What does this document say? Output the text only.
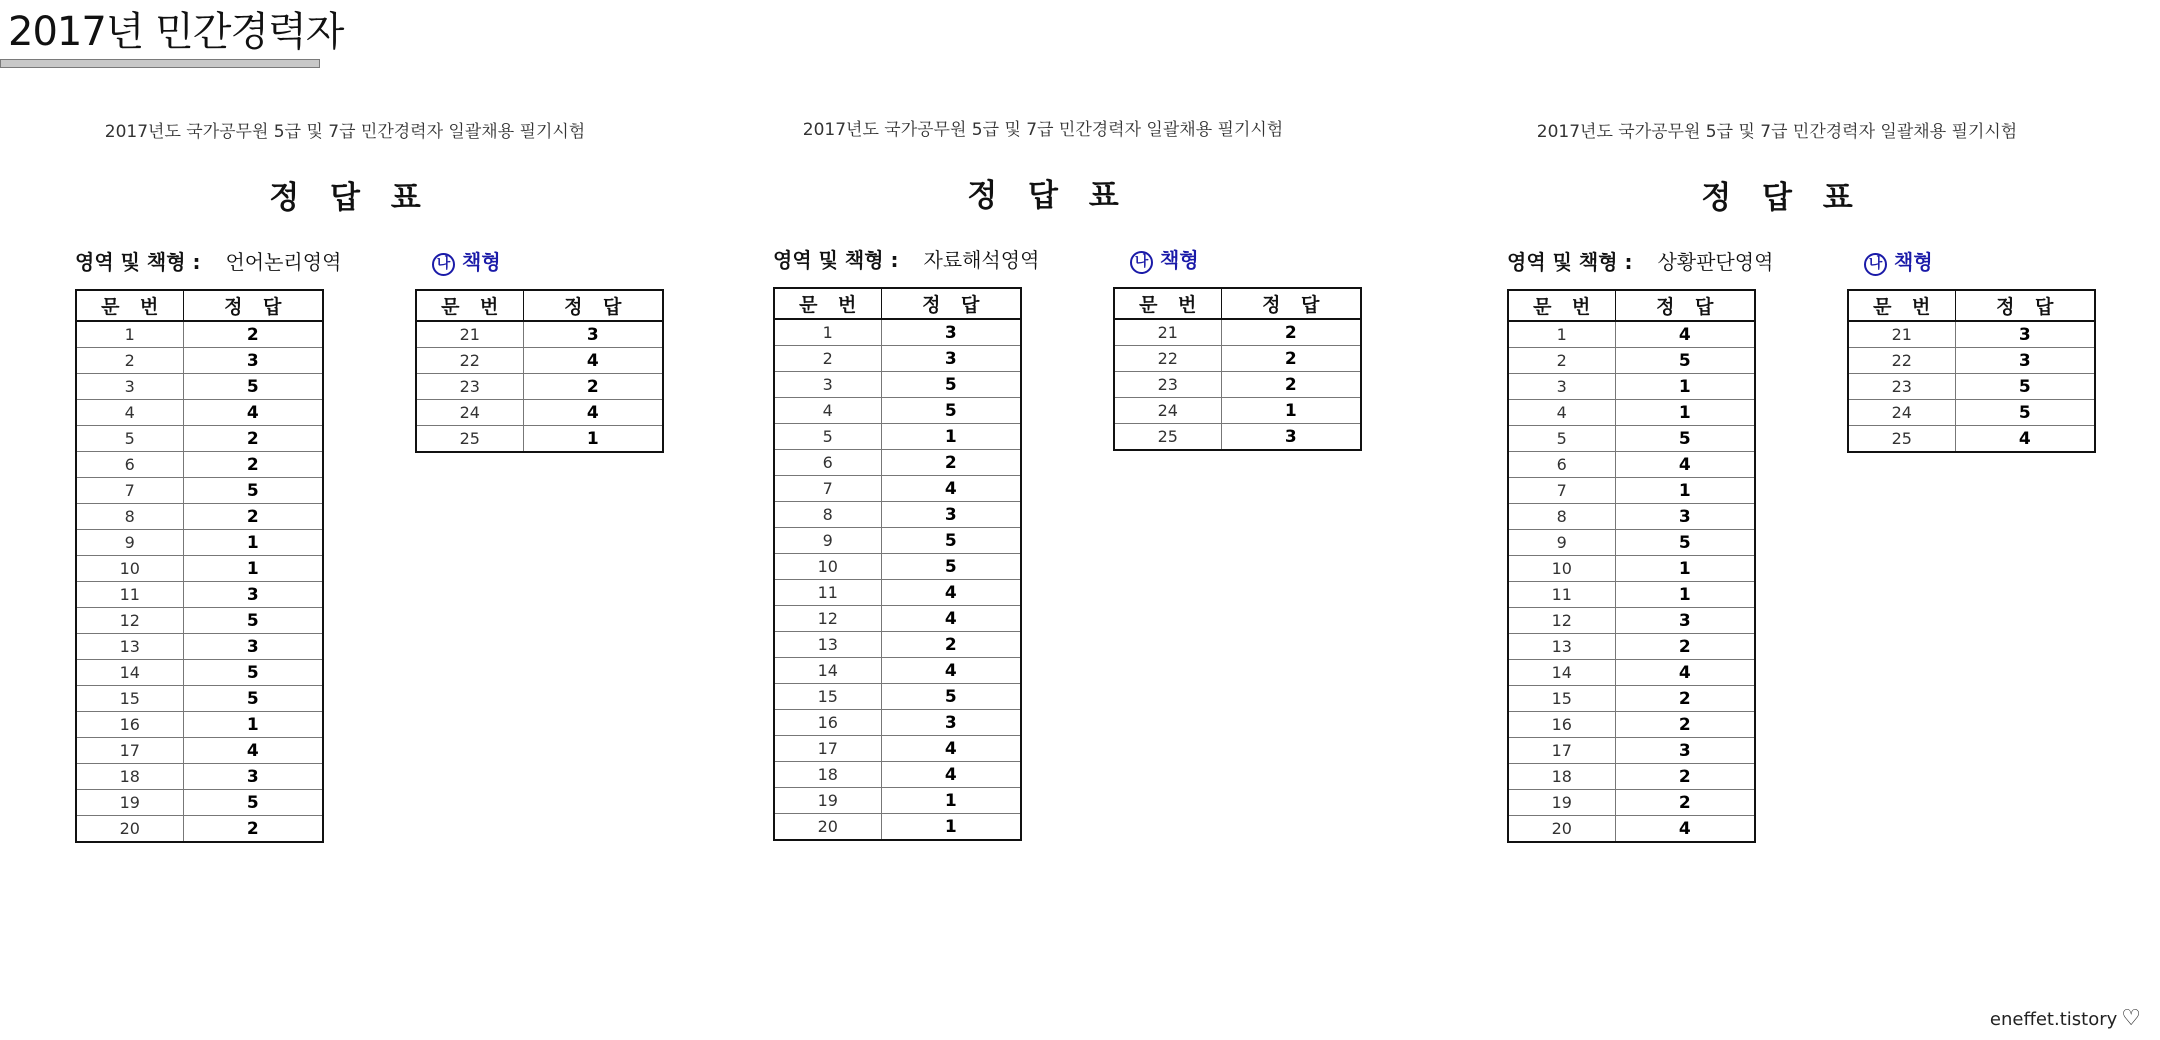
2017년 민간경력자
2017년도 국가공무원 5급 및 7급 민간경력자 일괄채용 필기시험
정 답 표
영역 및 책형 : 언어논리영역	나 책형
문 번	정 답
1	2
2	3
3	5
4	4
5	2
6	2
7	5
8	2
9	1
10	1
11	3
12	5
13	3
14	5
15	5
16	1
17	4
18	3
19	5
20	2
문 번	정 답
21	3
22	4
23	2
24	4
25	1
2017년도 국가공무원 5급 및 7급 민간경력자 일괄채용 필기시험
정 답 표
영역 및 책형 : 자료해석영역	나 책형
문 번	정 답
1	3
2	3
3	5
4	5
5	1
6	2
7	4
8	3
9	5
10	5
11	4
12	4
13	2
14	4
15	5
16	3
17	4
18	4
19	1
20	1
문 번	정 답
21	2
22	2
23	2
24	1
25	3
2017년도 국가공무원 5급 및 7급 민간경력자 일괄채용 필기시험
정 답 표
영역 및 책형 : 상황판단영역	나 책형
문 번	정 답
1	4
2	5
3	1
4	1
5	5
6	4
7	1
8	3
9	5
10	1
11	1
12	3
13	2
14	4
15	2
16	2
17	3
18	2
19	2
20	4
문 번	정 답
21	3
22	3
23	5
24	5
25	4
eneffet.tistory ♡
